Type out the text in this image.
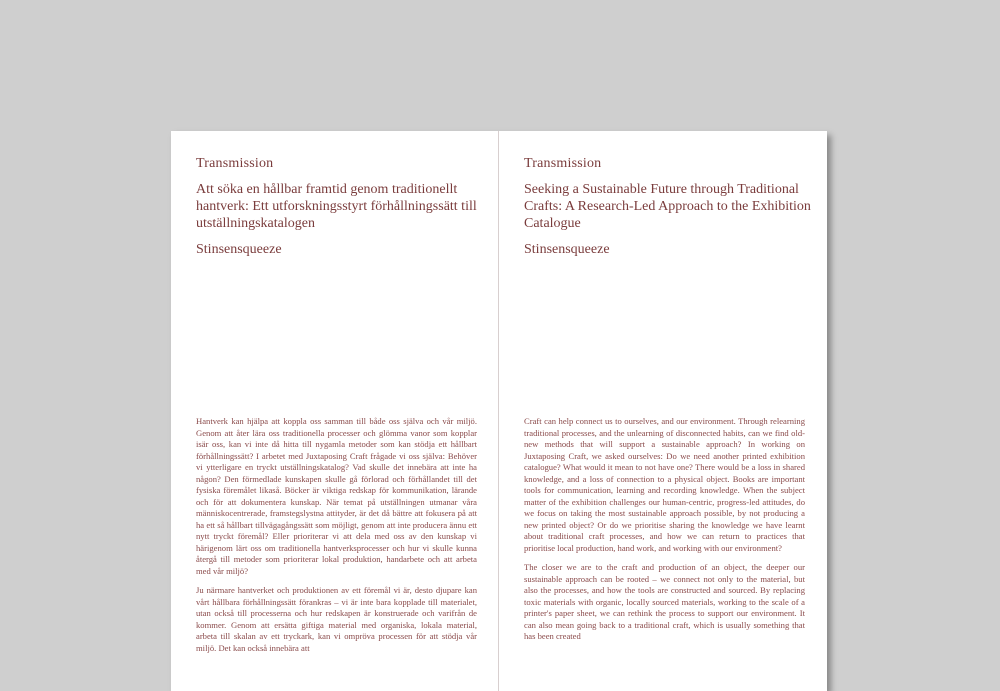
Transmission
Att söka en hållbar framtid genom traditionellt hantverk: Ett utforskningsstyrt förhållningssätt till utställningskatalogen
Stinsensqueeze

Hantverk kan hjälpa att koppla oss samman till både oss själva och vår miljö. Genom att åter lära oss traditionella processer och glömma vanor som kopplar isär oss, kan vi inte då hitta till nygamla metoder som kan stödja ett hållbart förhållningssätt? I arbetet med Juxtaposing Craft frågade vi oss själva: Behöver vi ytterligare en tryckt utställningskatalog? Vad skulle det innebära att inte ha någon? Den förmedlade kunskapen skulle gå förlorad och förhållandet till det fysiska föremålet likaså. Böcker är viktiga redskap för kommunikation, lärande och för att dokumentera kunskap. När temat på utställningen utmanar våra människocentrerade, framstegslystna attityder, är det då bättre att fokusera på att ha ett så hållbart tillvägagångssätt som möjligt, genom att inte producera ännu ett nytt tryckt föremål? Eller prioriterar vi att dela med oss av den kunskap vi härigenom lärt oss om traditionella hantverksprocesser och hur vi skulle kunna återgå till metoder som prioriterar lokal produktion, handarbete och att arbeta med vår miljö?

Ju närmare hantverket och produktionen av ett föremål vi är, desto djupare kan vårt hållbara förhållningssätt förankras – vi är inte bara kopplade till materialet, utan också till processerna och hur redskapen är konstruerade och varifrån de kommer. Genom att ersätta giftiga material med organiska, lokala material, arbeta till skalan av ett tryckark, kan vi ompröva processen för att stödja vår miljö. Det kan också innebära att

Transmission
Seeking a Sustainable Future through Traditional Crafts: A Research-Led Approach to the Exhibition Catalogue
Stinsensqueeze

Craft can help connect us to ourselves, and our environment. Through relearning traditional processes, and the unlearning of disconnected habits, can we find old-new methods that will support a sustainable approach? In working on Juxtaposing Craft, we asked ourselves: Do we need another printed exhibition catalogue? What would it mean to not have one? There would be a loss in shared knowledge, and a loss of connection to a physical object. Books are important tools for communication, learning and recording knowledge. When the subject matter of the exhibition challenges our human-centric, progress-led attitudes, do we focus on taking the most sustainable approach possible, by not producing a new printed object? Or do we prioritise sharing the knowledge we have learnt about traditional craft processes, and how we can return to practices that prioritise local production, hand work, and working with our environment?

The closer we are to the craft and production of an object, the deeper our sustainable approach can be rooted – we connect not only to the material, but also the processes, and how the tools are constructed and sourced. By replacing toxic materials with organic, locally sourced materials, working to the scale of a printer's paper sheet, we can rethink the process to support our environment. It can also mean going back to a traditional craft, which is usually something that has been created
